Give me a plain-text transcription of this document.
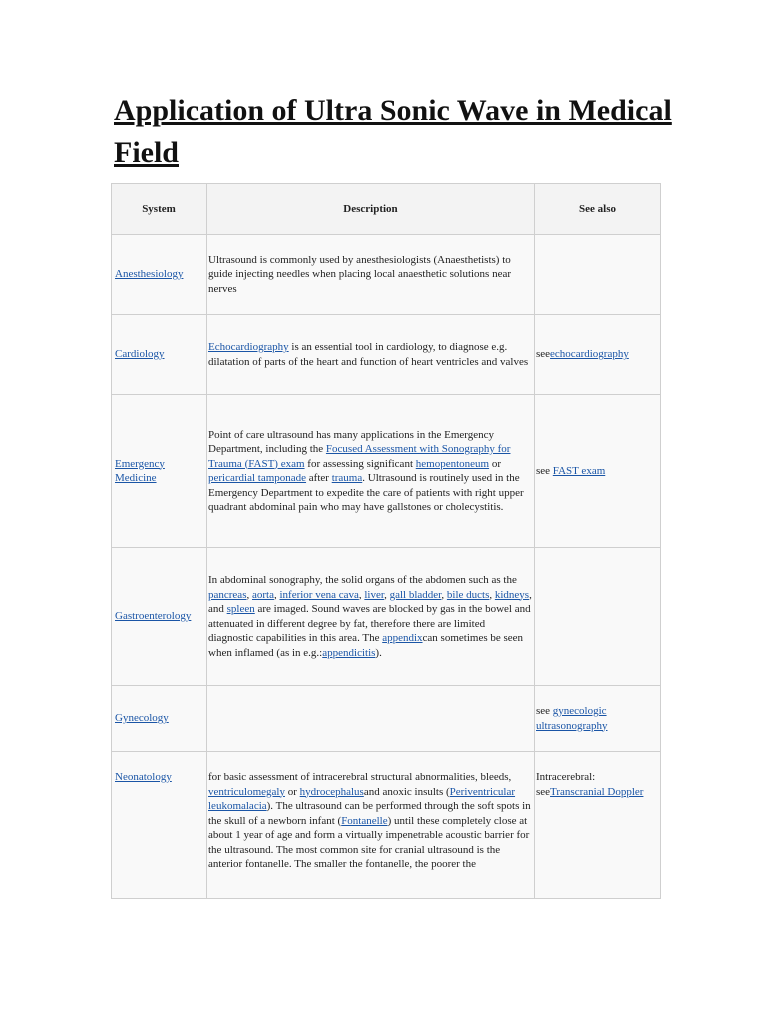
Application of Ultra Sonic Wave in Medical Field
System	Description	See also
Anesthesiology	Ultrasound is commonly used by anesthesiologists (Anaesthetists) to guide injecting needles when placing local anaesthetic solutions near nerves	
Cardiology	Echocardiography is an essential tool in cardiology, to diagnose e.g. dilatation of parts of the heart and function of heart ventricles and valves	seeechocardiography
Emergency Medicine	Point of care ultrasound has many applications in the Emergency Department, including the Focused Assessment with Sonography for Trauma (FAST) exam for assessing significant hemopentoneum or pericardial tamponade after trauma. Ultrasound is routinely used in the Emergency Department to expedite the care of patients with right upper quadrant abdominal pain who may have gallstones or cholecystitis.	see FAST exam
Gastroenterology	In abdominal sonography, the solid organs of the abdomen such as the pancreas, aorta, inferior vena cava, liver, gall bladder, bile ducts, kidneys, and spleen are imaged. Sound waves are blocked by gas in the bowel and attenuated in different degree by fat, therefore there are limited diagnostic capabilities in this area. The appendixcan sometimes be seen when inflamed (as in e.g.:appendicitis).	
Gynecology		see gynecologic ultrasonography
Neonatology	for basic assessment of intracerebral structural abnormalities, bleeds, ventriculomegaly or hydrocephalusand anoxic insults (Periventricular leukomalacia). The ultrasound can be performed through the soft spots in the skull of a newborn infant (Fontanelle) until these completely close at about 1 year of age and form a virtually impenetrable acoustic barrier for the ultrasound. The most common site for cranial ultrasound is the anterior fontanelle. The smaller the fontanelle, the poorer the	Intracerebral: seeTranscranial Doppler
